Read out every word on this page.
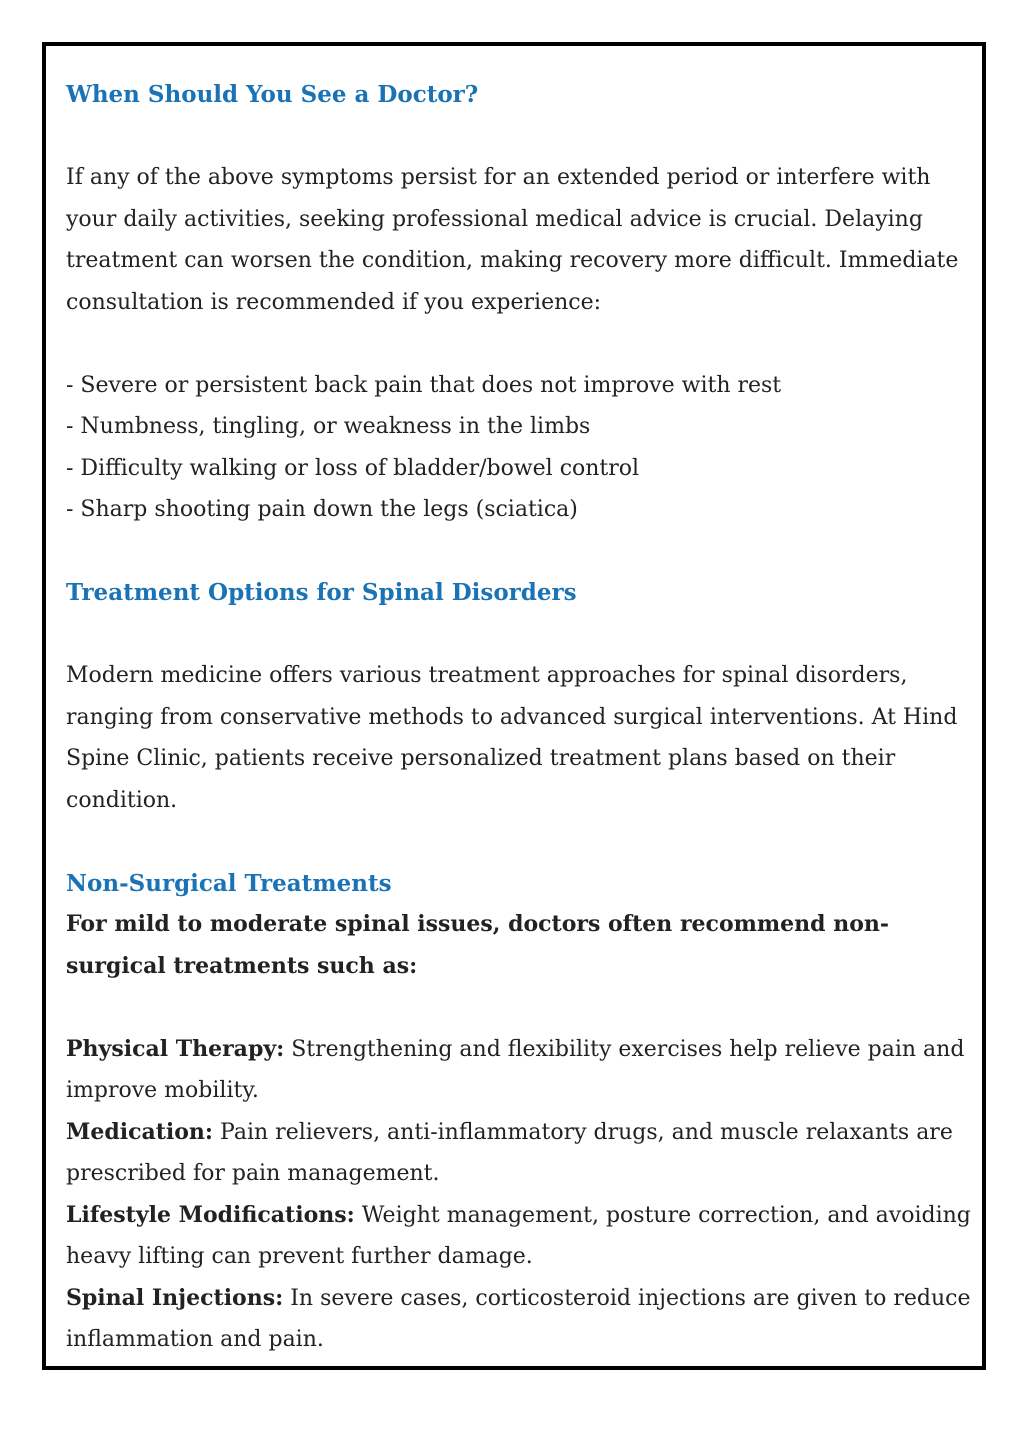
When Should You See a Doctor?

If any of the above symptoms persist for an extended period or interfere with your daily activities, seeking professional medical advice is crucial. Delaying treatment can worsen the condition, making recovery more difficult. Immediate consultation is recommended if you experience:

- Severe or persistent back pain that does not improve with rest

- Numbness, tingling, or weakness in the limbs

- Difficulty walking or loss of bladder/bowel control

- Sharp shooting pain down the legs (sciatica)

Treatment Options for Spinal Disorders

Modern medicine offers various treatment approaches for spinal disorders, ranging from conservative methods to advanced surgical interventions. At Hind Spine Clinic, patients receive personalized treatment plans based on their condition.

Non-Surgical Treatments

For mild to moderate spinal issues, doctors often recommend non-surgical treatments such as:

Physical Therapy: Strengthening and flexibility exercises help relieve pain and improve mobility.

Medication: Pain relievers, anti-inflammatory drugs, and muscle relaxants are prescribed for pain management.

Lifestyle Modifications: Weight management, posture correction, and avoiding heavy lifting can prevent further damage.

Spinal Injections: In severe cases, corticosteroid injections are given to reduce inflammation and pain.
